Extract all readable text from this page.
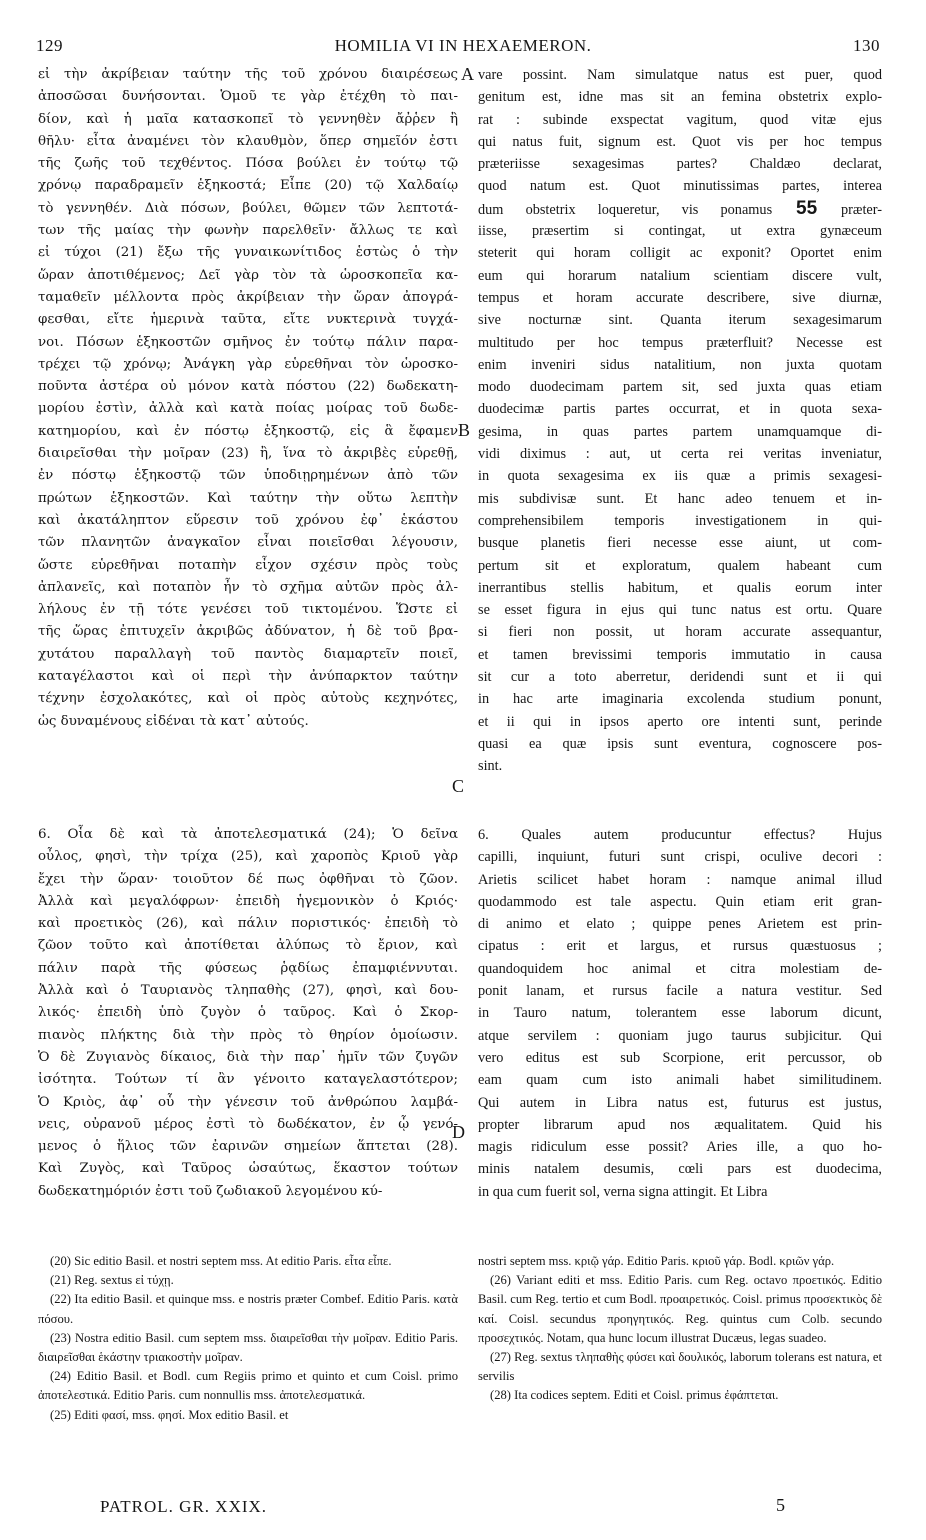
129	HOMILIA VI IN HEXAEMERON.	130
εἰ τὴν ἀκρίβειαν ταύτην τῆς τοῦ χρόνου διαιρέσεως
ἀποσῶσαι δυνήσονται. Ὁμοῦ τε γὰρ ἐτέχθη τὸ παι-
δίον, καὶ ἡ μαῖα κατασκοπεῖ τὸ γεννηθὲν ἄῤῥεν ἢ
θῆλυ· εἶτα ἀναμένει τὸν κλαυθμὸν, ὅπερ σημεῖόν ἐστι
τῆς ζωῆς τοῦ τεχθέντος. Πόσα βούλει ἐν τούτῳ τῷ
χρόνῳ παραδραμεῖν ἑξηκοστά; Εἶπε (20) τῷ Χαλδαίῳ
τὸ γεννηθέν. Διὰ πόσων, βούλει, θῶμεν τῶν λεπτοτά-
των τῆς μαίας τὴν φωνὴν παρελθεῖν· ἄλλως τε καὶ
εἰ τύχοι (21) ἔξω τῆς γυναικωνίτιδος ἑστὼς ὁ τὴν
ὥραν ἀποτιθέμενος; Δεῖ γὰρ τὸν τὰ ὡροσκοπεῖα κα-
ταμαθεῖν μέλλοντα πρὸς ἀκρίβειαν τὴν ὥραν ἀπογρά-
φεσθαι, εἴτε ἡμερινὰ ταῦτα, εἴτε νυκτερινὰ τυγχά-
νοι. Πόσων ἑξηκοστῶν σμῆνος ἐν τούτῳ πάλιν παρα-
τρέχει τῷ χρόνῳ; Ἀνάγκη γὰρ εὑρεθῆναι τὸν ὡροσκο-
ποῦντα ἀστέρα οὐ μόνον κατὰ πόστου (22) δωδεκατη-
μορίου ἐστὶν, ἀλλὰ καὶ κατὰ ποίας μοίρας τοῦ δωδε-
κατημορίου, καὶ ἐν πόστῳ ἑξηκοστῷ, εἰς ἃ ἔφαμεν
διαιρεῖσθαι τὴν μοῖραν (23) ἢ, ἵνα τὸ ἀκριβὲς εὑρεθῇ,
ἐν πόστῳ ἑξηκοστῷ τῶν ὑποδιῃρημένων ἀπὸ τῶν
πρώτων ἑξηκοστῶν. Καὶ ταύτην τὴν οὕτω λεπτὴν
καὶ ἀκατάληπτον εὕρεσιν τοῦ χρόνου ἐφ᾽ ἑκάστου
τῶν πλανητῶν ἀναγκαῖον εἶναι ποιεῖσθαι λέγουσιν,
ὥστε εὑρεθῆναι ποταπὴν εἶχον σχέσιν πρὸς τοὺς
ἀπλανεῖς, καὶ ποταπὸν ἦν τὸ σχῆμα αὐτῶν πρὸς ἀλ-
λήλους ἐν τῇ τότε γενέσει τοῦ τικτομένου. Ὥστε εἰ
τῆς ὥρας ἐπιτυχεῖν ἀκριβῶς ἀδύνατον, ἡ δὲ τοῦ βρα-
χυτάτου παραλλαγὴ τοῦ παντὸς διαμαρτεῖν ποιεῖ,
καταγέλαστοι καὶ οἱ περὶ τὴν ἀνύπαρκτον ταύτην
τέχνην ἐσχολακότες, καὶ οἱ πρὸς αὐτοὺς κεχηνότες,
ὡς δυναμένους εἰδέναι τὰ κατ᾽ αὐτούς.
vare possint. Nam simulatque natus est puer, quod
genitum est, idne mas sit an femina obstetrix explo-
rat : subinde exspectat vagitum, quod vitæ ejus
qui natus fuit, signum est. Quot vis per hoc tempus
præteriisse sexagesimas partes? Chaldæo declarat,
quod natum est. Quot minutissimas partes, interea
dum obstetrix loqueretur, vis ponamus 55 præter-
iisse, præsertim si contingat, ut extra gynæceum
steterit qui horam colligit ac exponit? Oportet enim
eum qui horarum natalium scientiam discere vult,
tempus et horam accurate describere, sive diurnæ,
sive nocturnæ sint. Quanta iterum sexagesimarum
multitudo per hoc tempus præterfluit? Necesse est
enim inveniri sidus natalitium, non juxta quotam
modo duodecimam partem sit, sed juxta quas etiam
duodecimæ partis partes occurrat, et in quota sexa-
gesima, in quas partes partem unamquamque di-
vidi diximus : aut, ut certa rei veritas inveniatur,
in quota sexagesima ex iis quæ a primis sexagesi-
mis subdivisæ sunt. Et hanc adeo tenuem et in-
comprehensibilem temporis investigationem in qui-
busque planetis fieri necesse esse aiunt, ut com-
pertum sit et exploratum, qualem habeant cum
inerrantibus stellis habitum, et qualis eorum inter
se esset figura in ejus qui tunc natus est ortu. Quare
si fieri non possit, ut horam accurate assequantur,
et tamen brevissimi temporis immutatio in causa
sit cur a toto aberretur, deridendi sunt et ii qui
in hac arte imaginaria excolenda studium ponunt,
et ii qui in ipsos aperto ore intenti sunt, perinde
quasi ea quæ ipsis sunt eventura, cognoscere pos-
sint.
6. Οἷα δὲ καὶ τὰ ἀποτελεσματικά (24); Ὁ δεῖνα
οὖλος, φησὶ, τὴν τρίχα (25), καὶ χαροπὸς Κριοῦ γὰρ
ἔχει τὴν ὥραν· τοιοῦτον δέ πως ὀφθῆναι τὸ ζῶον.
Ἀλλὰ καὶ μεγαλόφρων· ἐπειδὴ ἡγεμονικὸν ὁ Κριός·
καὶ προετικὸς (26), καὶ πάλιν ποριστικός· ἐπειδὴ τὸ
ζῶον τοῦτο καὶ ἀποτίθεται ἀλύπως τὸ ἔριον, καὶ
πάλιν παρὰ τῆς φύσεως ῥᾳδίως ἐπαμφιέννυται.
Ἀλλὰ καὶ ὁ Ταυριανὸς τληπαθὴς (27), φησὶ, καὶ δου-
λικός· ἐπειδὴ ὑπὸ ζυγὸν ὁ ταῦρος. Καὶ ὁ Σκορ-
πιανὸς πλήκτης διὰ τὴν πρὸς τὸ θηρίον ὁμοίωσιν.
Ὁ δὲ Ζυγιανὸς δίκαιος, διὰ τὴν παρ᾽ ἡμῖν τῶν ζυγῶν
ἰσότητα. Τούτων τί ἂν γένοιτο καταγελαστότερον;
Ὁ Κριὸς, ἀφ᾽ οὗ τὴν γένεσιν τοῦ ἀνθρώπου λαμβά-
νεις, οὐρανοῦ μέρος ἐστὶ τὸ δωδέκατον, ἐν ᾧ γενό-
μενος ὁ ἥλιος τῶν ἐαρινῶν σημείων ἅπτεται (28).
Καὶ Ζυγὸς, καὶ Ταῦρος ὡσαύτως, ἕκαστον τούτων
δωδεκατημόριόν ἐστι τοῦ ζωδιακοῦ λεγομένου κύ-
6. Quales autem producuntur effectus? Hujus
capilli, inquiunt, futuri sunt crispi, oculive decori :
Arietis scilicet habet horam : namque animal illud
quodammodo est tale aspectu. Quin etiam erit gran-
di animo et elato ; quippe penes Arietem est prin-
cipatus : erit et largus, et rursus quæstuosus ;
quandoquidem hoc animal et citra molestiam de-
ponit lanam, et rursus facile a natura vestitur. Sed
in Tauro natum, tolerantem esse laborum dicunt,
atque servilem : quoniam jugo taurus subjicitur. Qui
vero editus est sub Scorpione, erit percussor, ob
eam quam cum isto animali habet similitudinem.
Qui autem in Libra natus est, futurus est justus,
propter librarum apud nos æqualitatem. Quid his
magis ridiculum esse possit? Aries ille, a quo ho-
minis natalem desumis, cœli pars est duodecima,
in qua cum fuerit sol, verna signa attingit. Et Libra
A
B
C
D

(20) Sic editio Basil. et nostri septem mss. At editio Paris. εἶτα εἶπε.

(21) Reg. sextus εἰ τύχῃ.

(22) Ita editio Basil. et quinque mss. e nostris præter Combef. Editio Paris. κατὰ πόσου.

(23) Nostra editio Basil. cum septem mss. διαιρεῖσθαι τὴν μοῖραν. Editio Paris. διαιρεῖσθαι ἑκάστην τριακοστὴν μοῖραν.

(24) Editio Basil. et Bodl. cum Regiis primo et quinto et cum Coisl. primo ἀποτελεστικά. Editio Paris. cum nonnullis mss. ἀποτελεσματικά.

(25) Editi φασί, mss. φησί. Mox editio Basil. et

nostri septem mss. κριῷ γάρ. Editio Paris. κριοῦ γάρ. Bodl. κριῶν γάρ.

(26) Variant editi et mss. Editio Paris. cum Reg. octavo προετικός. Editio Basil. cum Reg. tertio et cum Bodl. προαιρετικός. Coisl. primus προσεκτικὸς δὲ καί. Coisl. secundus προηγητικός. Reg. quintus cum Colb. secundo προσεχτικός. Notam, qua hunc locum illustrat Ducæus, legas suadeo.

(27) Reg. sextus τληπαθὴς φύσει καὶ δουλικός, laborum tolerans est natura, et servilis

(28) Ita codices septem. Editi et Coisl. primus ἐφάπτεται.

PATROL. GR. XXIX.	5
